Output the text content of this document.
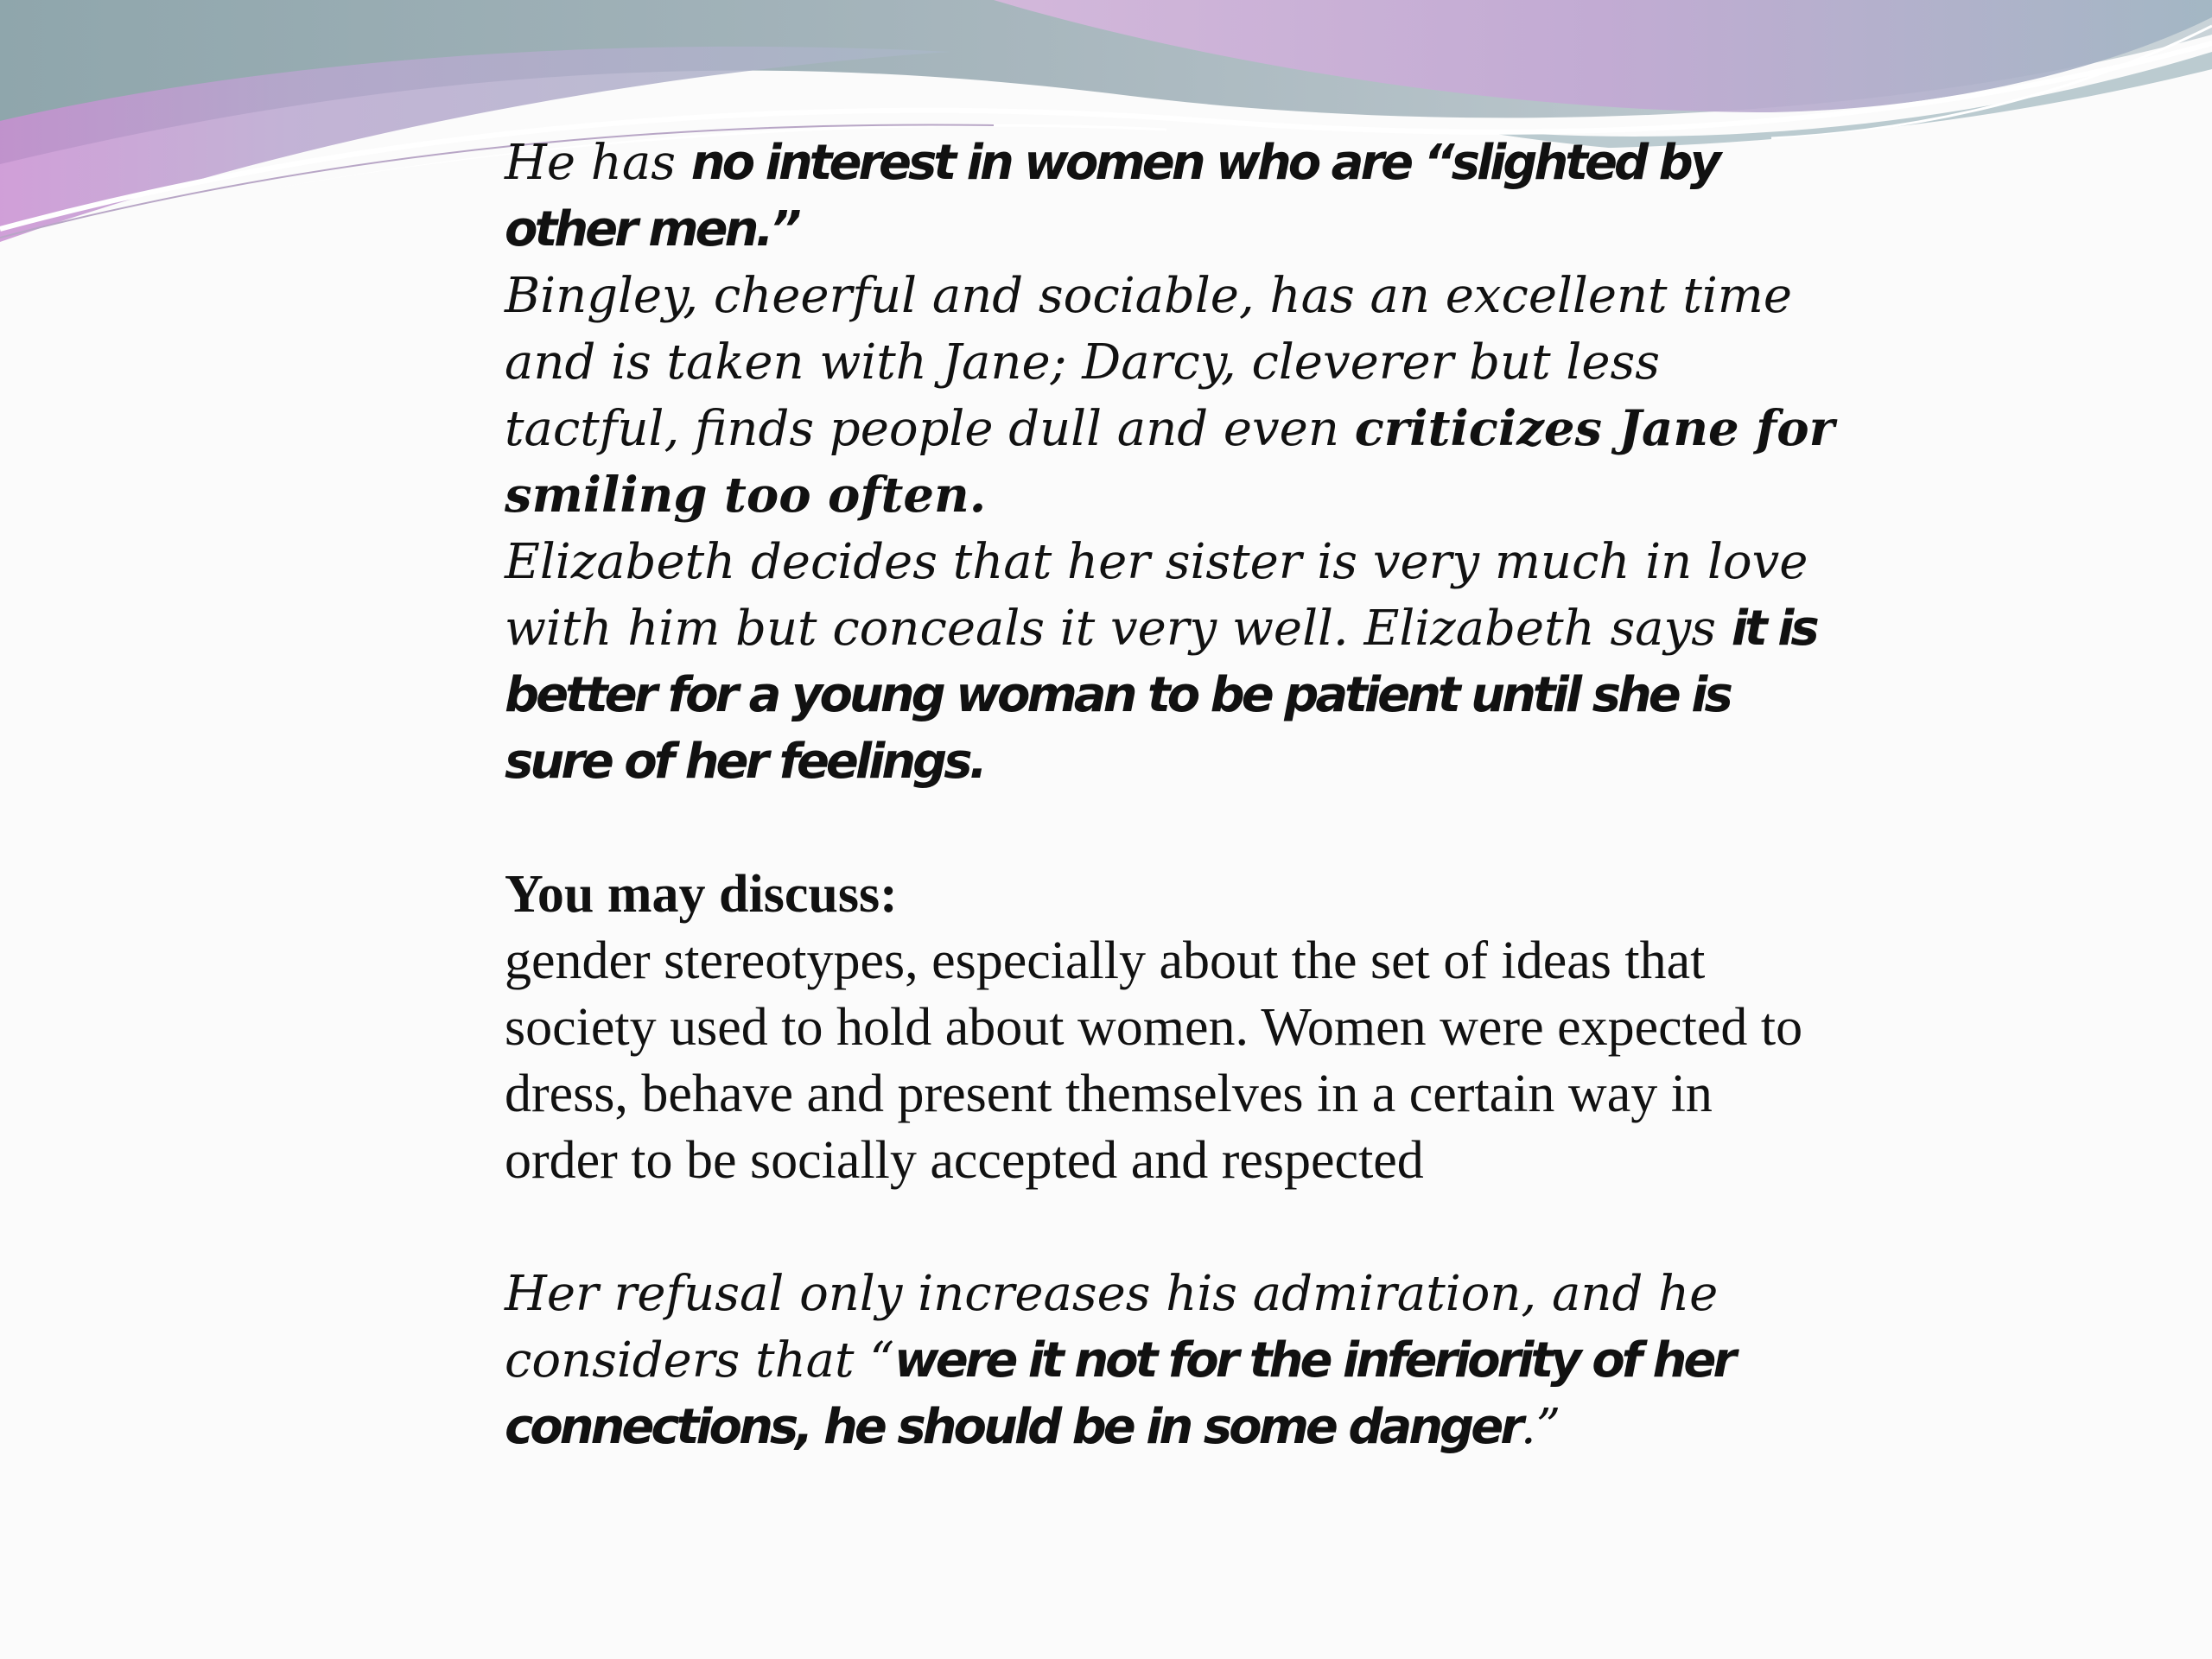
He has no interest in women who are “slighted by other men.”
Bingley, cheerful and sociable, has an excellent time and is taken with Jane; Darcy, cleverer but less tactful, finds people dull and even criticizes Jane for smiling too often.

Elizabeth decides that her sister is very much in love with him but conceals it very well. Elizabeth says it is better for a young woman to be patient until she is sure of her feelings.

You may discuss:

gender stereotypes, especially about the set of ideas that society used to hold about women. Women were expected to dress, behave and present themselves in a certain way in order to be socially accepted and respected

Her refusal only increases his admiration, and he considers that “were it not for the inferiority of her connections, he should be in some danger.”
